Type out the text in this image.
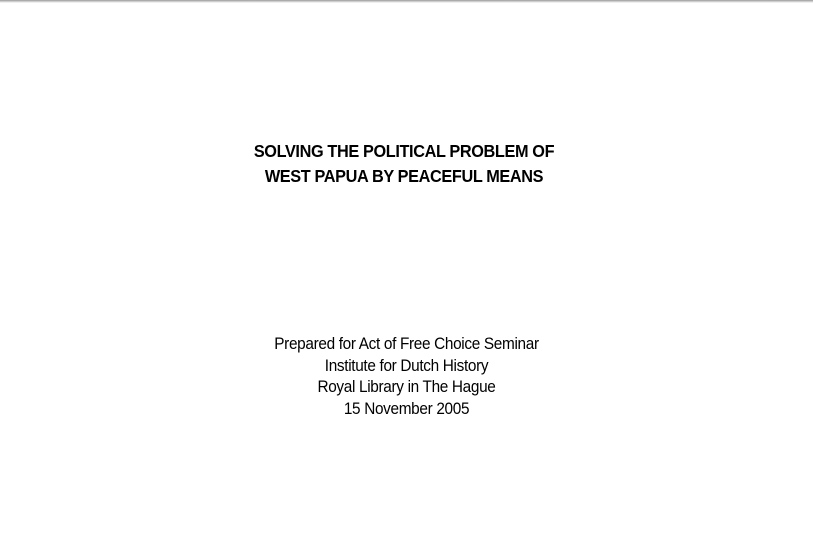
SOLVING THE POLITICAL PROBLEM OF
WEST PAPUA BY PEACEFUL MEANS
Prepared for Act of Free Choice Seminar
Institute for Dutch History
Royal Library in The Hague
15 November 2005
